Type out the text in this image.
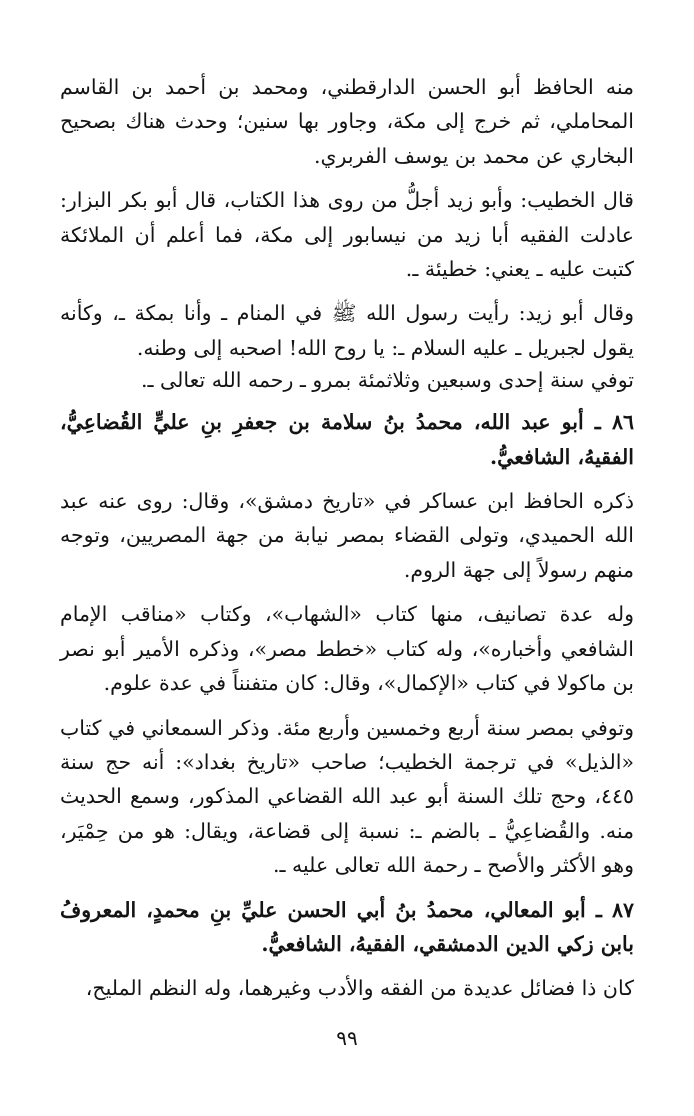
منه الحافظ أبو الحسن الدارقطني، ومحمد بن أحمد بن القاسم المحاملي، ثم خرج إلى مكة، وجاور بها سنين؛ وحدث هناك بصحيح البخاري عن محمد بن يوسف الفربري.

قال الخطيب: وأبو زيد أجلُّ من روى هذا الكتاب، قال أبو بكر البزار: عادلت الفقيه أبا زيد من نيسابور إلى مكة، فما أعلم أن الملائكة كتبت عليه ـ يعني: خطيئة ـ.

وقال أبو زيد: رأيت رسول الله ﷺ في المنام ـ وأنا بمكة ـ، وكأنه يقول لجبريل ـ عليه السلام ـ: يا روح الله! اصحبه إلى وطنه.

توفي سنة إحدى وسبعين وثلاثمئة بمرو ـ رحمه الله تعالى ـ.

٨٦ ـ أبو عبد الله، محمدُ بنُ سلامة بن جعفرِ بنِ عليٍّ القُضاعِيُّ، الفقيهُ، الشافعيُّ.

ذكره الحافظ ابن عساكر في «تاريخ دمشق»، وقال: روى عنه عبد الله الحميدي، وتولى القضاء بمصر نيابة من جهة المصريين، وتوجه منهم رسولاً إلى جهة الروم.

وله عدة تصانيف، منها كتاب «الشهاب»، وكتاب «مناقب الإمام الشافعي وأخباره»، وله كتاب «خطط مصر»، وذكره الأمير أبو نصر بن ماكولا في كتاب «الإكمال»، وقال: كان متفنناً في عدة علوم.

وتوفي بمصر سنة أربع وخمسين وأربع مئة. وذكر السمعاني في كتاب «الذيل» في ترجمة الخطيب؛ صاحب «تاريخ بغداد»: أنه حج سنة ٤٤٥، وحج تلك السنة أبو عبد الله القضاعي المذكور، وسمع الحديث منه. والقُضاعِيُّ ـ بالضم ـ: نسبة إلى قضاعة، ويقال: هو من حِمْيَر، وهو الأكثر والأصح ـ رحمة الله تعالى عليه ـ.

٨٧ ـ أبو المعالي، محمدُ بنُ أبي الحسن عليِّ بنِ محمدٍ، المعروفُ بابن زكي الدين الدمشقي، الفقيهُ، الشافعيُّ.

كان ذا فضائل عديدة من الفقه والأدب وغيرهما، وله النظم المليح،

٩٩
